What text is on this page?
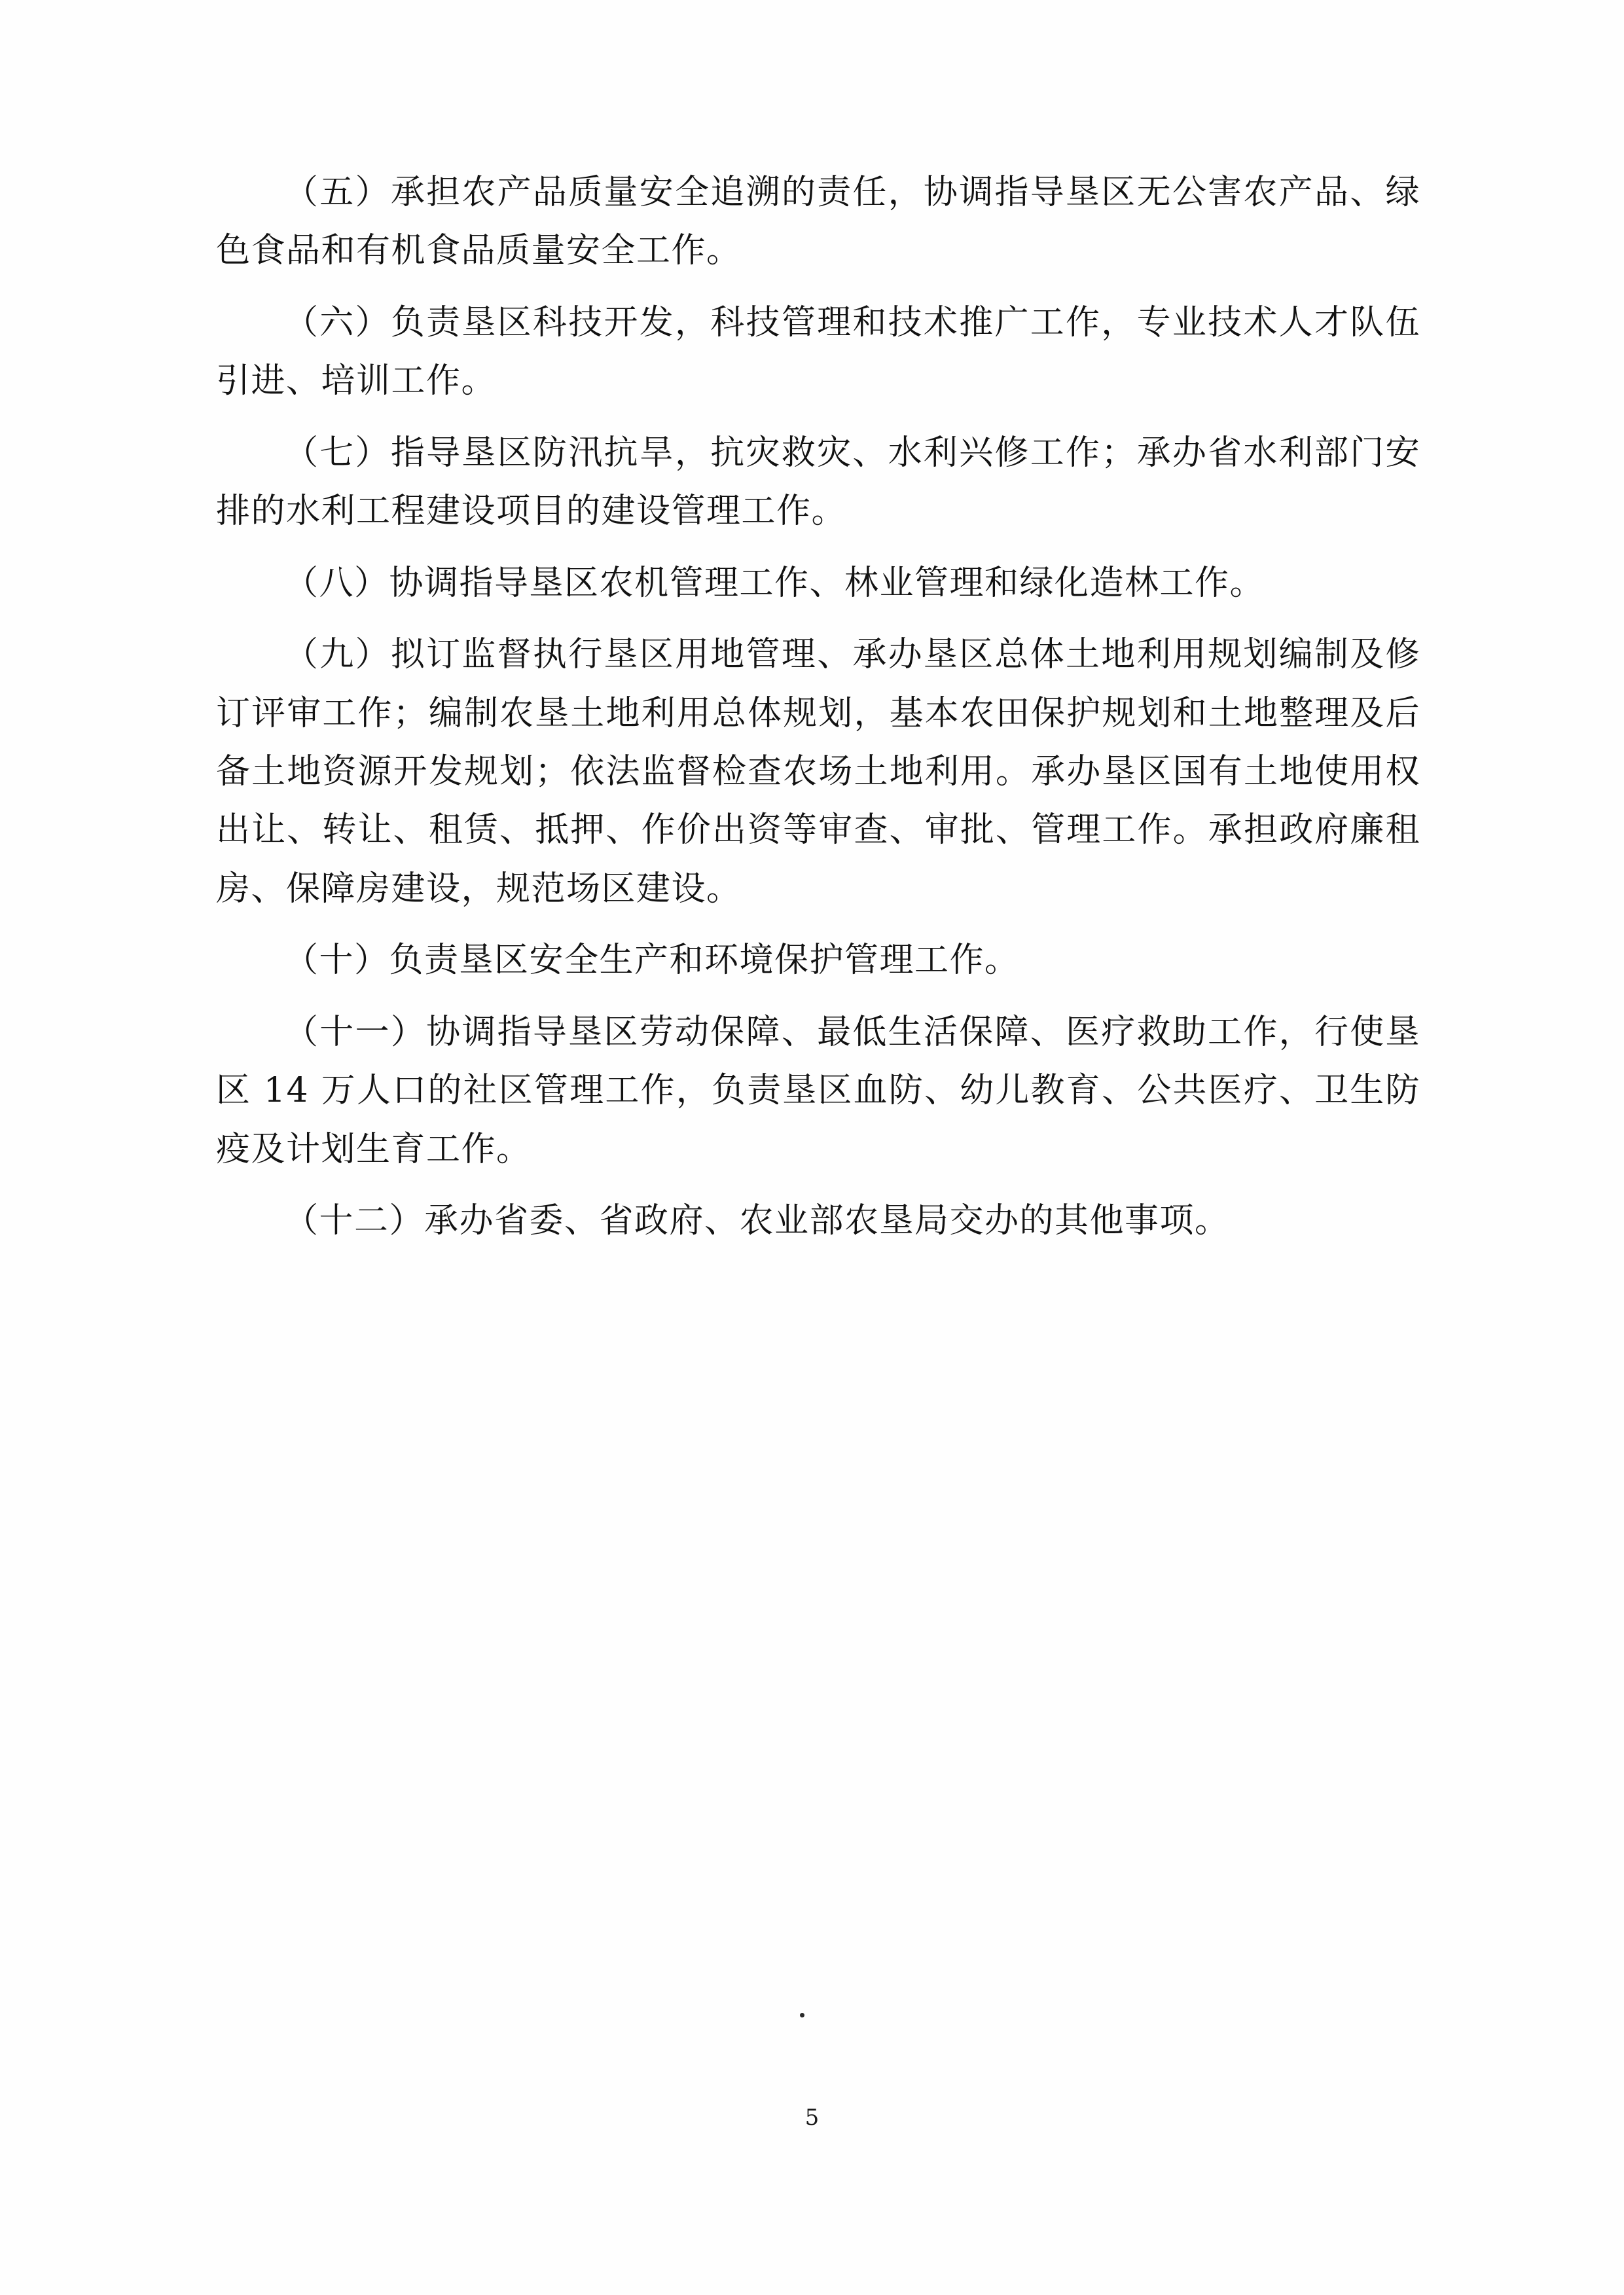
（五）承担农产品质量安全追溯的责任，协调指导垦区无公害农产品、绿色食品和有机食品质量安全工作。

（六）负责垦区科技开发，科技管理和技术推广工作，专业技术人才队伍引进、培训工作。

（七）指导垦区防汛抗旱，抗灾救灾、水利兴修工作；承办省水利部门安排的水利工程建设项目的建设管理工作。

（八）协调指导垦区农机管理工作、林业管理和绿化造林工作。

（九）拟订监督执行垦区用地管理、承办垦区总体土地利用规划编制及修订评审工作；编制农垦土地利用总体规划，基本农田保护规划和土地整理及后备土地资源开发规划；依法监督检查农场土地利用。承办垦区国有土地使用权出让、转让、租赁、抵押、作价出资等审查、审批、管理工作。承担政府廉租房、保障房建设，规范场区建设。

（十）负责垦区安全生产和环境保护管理工作。

（十一）协调指导垦区劳动保障、最低生活保障、医疗救助工作，行使垦区 14 万人口的社区管理工作，负责垦区血防、幼儿教育、公共医疗、卫生防疫及计划生育工作。

（十二）承办省委、省政府、农业部农垦局交办的其他事项。

5
